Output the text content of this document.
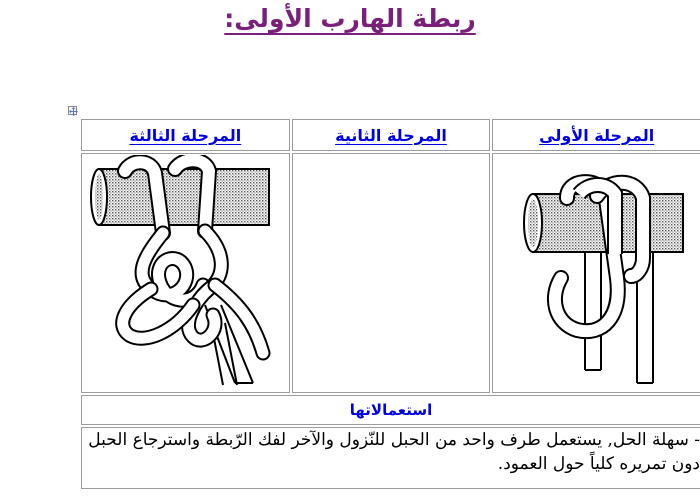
ربطة الهارب الأولى:
المرحلة الأولى	المرحلة الثانية	المرحلة الثالثة

استعمالاتها		
- سهلة الحل, يستعمل طرف واحد من الحبل للنّزول والآخر لفك الرّبطة واسترجاع الحبل دون تمريره كلياً حول العمود.		
